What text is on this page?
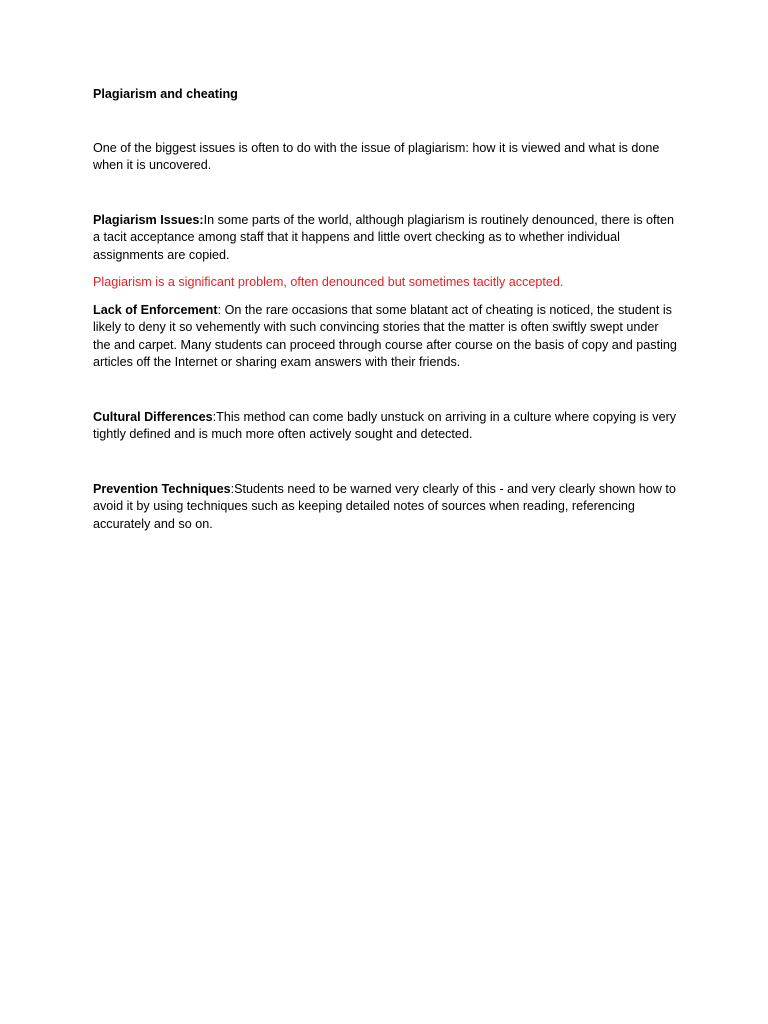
Plagiarism and cheating

One of the biggest issues is often to do with the issue of plagiarism: how it is viewed and what is done when it is uncovered.

Plagiarism Issues:In some parts of the world, although plagiarism is routinely denounced, there is often a tacit acceptance among staff that it happens and little overt checking as to whether individual assignments are copied.

Plagiarism is a significant problem, often denounced but sometimes tacitly accepted.

Lack of Enforcement: On the rare occasions that some blatant act of cheating is noticed, the student is likely to deny it so vehemently with such convincing stories that the matter is often swiftly swept under the and carpet. Many students can proceed through course after course on the basis of copy and pasting articles off the Internet or sharing exam answers with their friends.

Cultural Differences:This method can come badly unstuck on arriving in a culture where copying is very tightly defined and is much more often actively sought and detected.

Prevention Techniques:Students need to be warned very clearly of this - and very clearly shown how to avoid it by using techniques such as keeping detailed notes of sources when reading, referencing accurately and so on.
